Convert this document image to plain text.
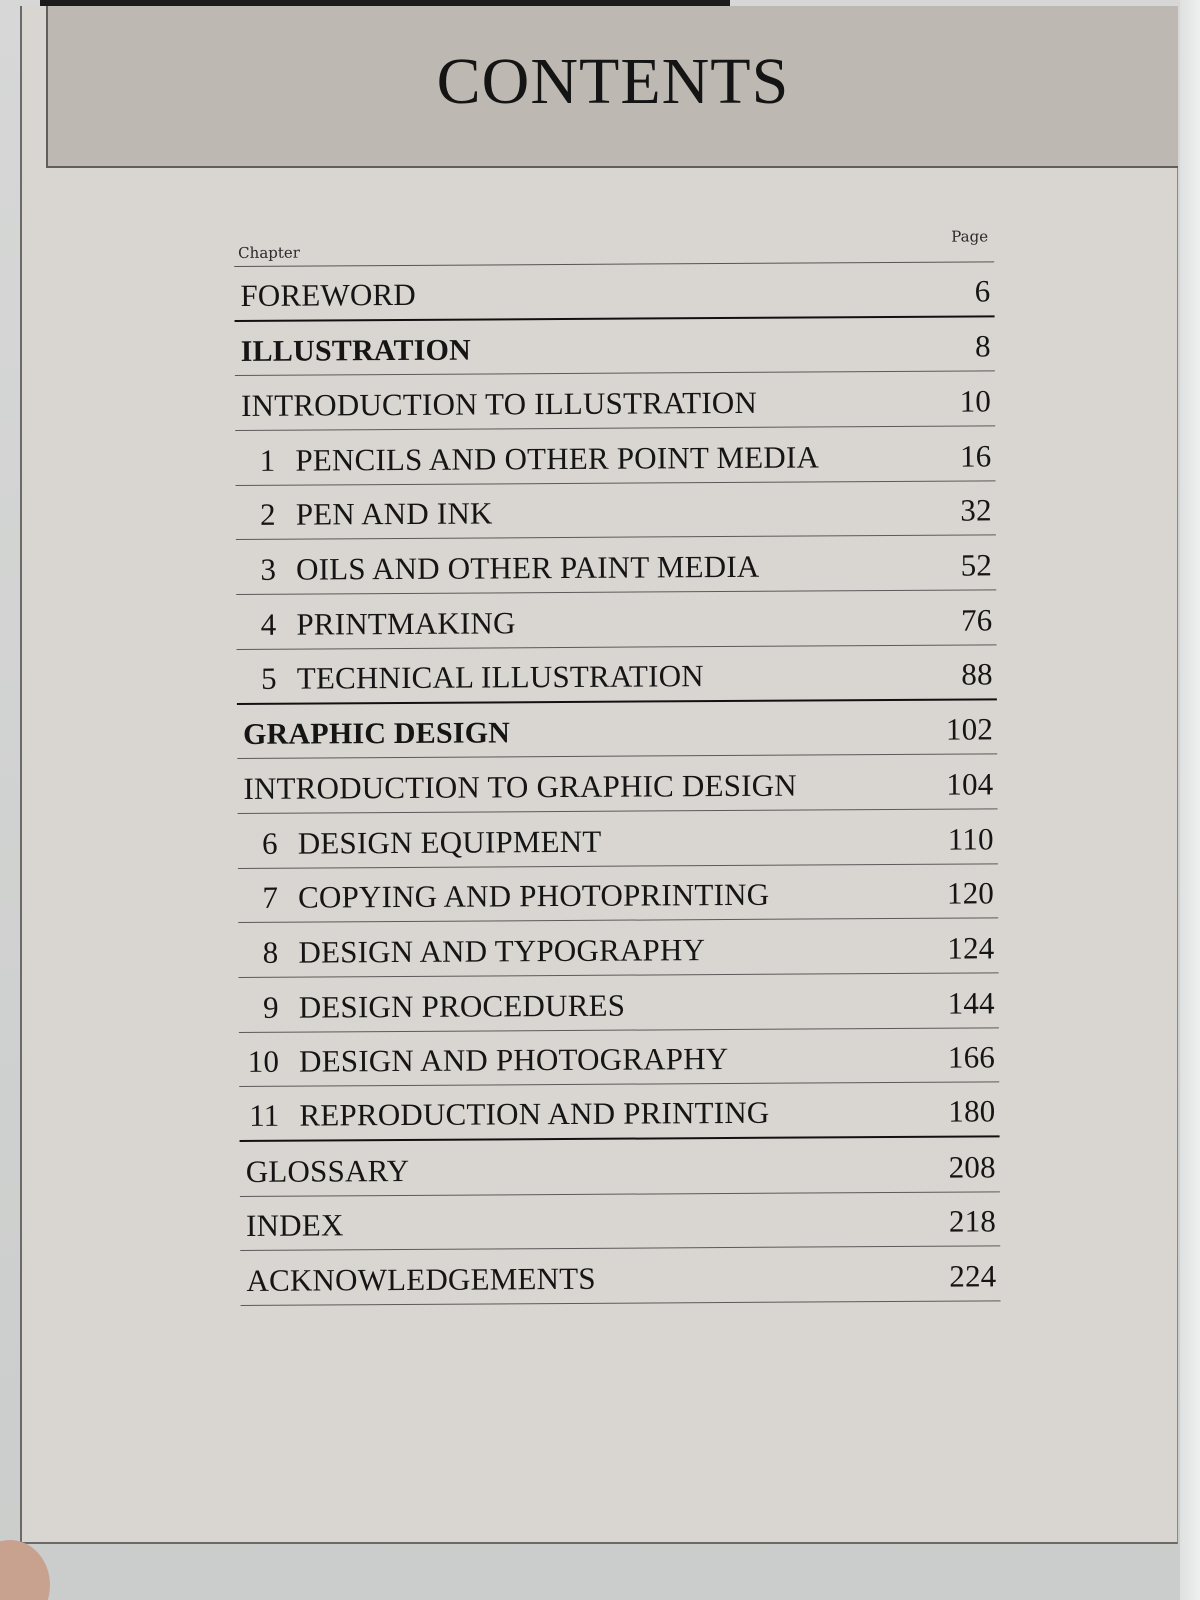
CONTENTS
Chapter
Page
FOREWORD	6
ILLUSTRATION	8
INTRODUCTION TO ILLUSTRATION	10
1 PENCILS AND OTHER POINT MEDIA	16
2 PEN AND INK	32
3 OILS AND OTHER PAINT MEDIA	52
4 PRINTMAKING	76
5 TECHNICAL ILLUSTRATION	88
GRAPHIC DESIGN	102
INTRODUCTION TO GRAPHIC DESIGN	104
6 DESIGN EQUIPMENT	110
7 COPYING AND PHOTOPRINTING	120
8 DESIGN AND TYPOGRAPHY	124
9 DESIGN PROCEDURES	144
10 DESIGN AND PHOTOGRAPHY	166
11 REPRODUCTION AND PRINTING	180
GLOSSARY	208
INDEX	218
ACKNOWLEDGEMENTS	224
